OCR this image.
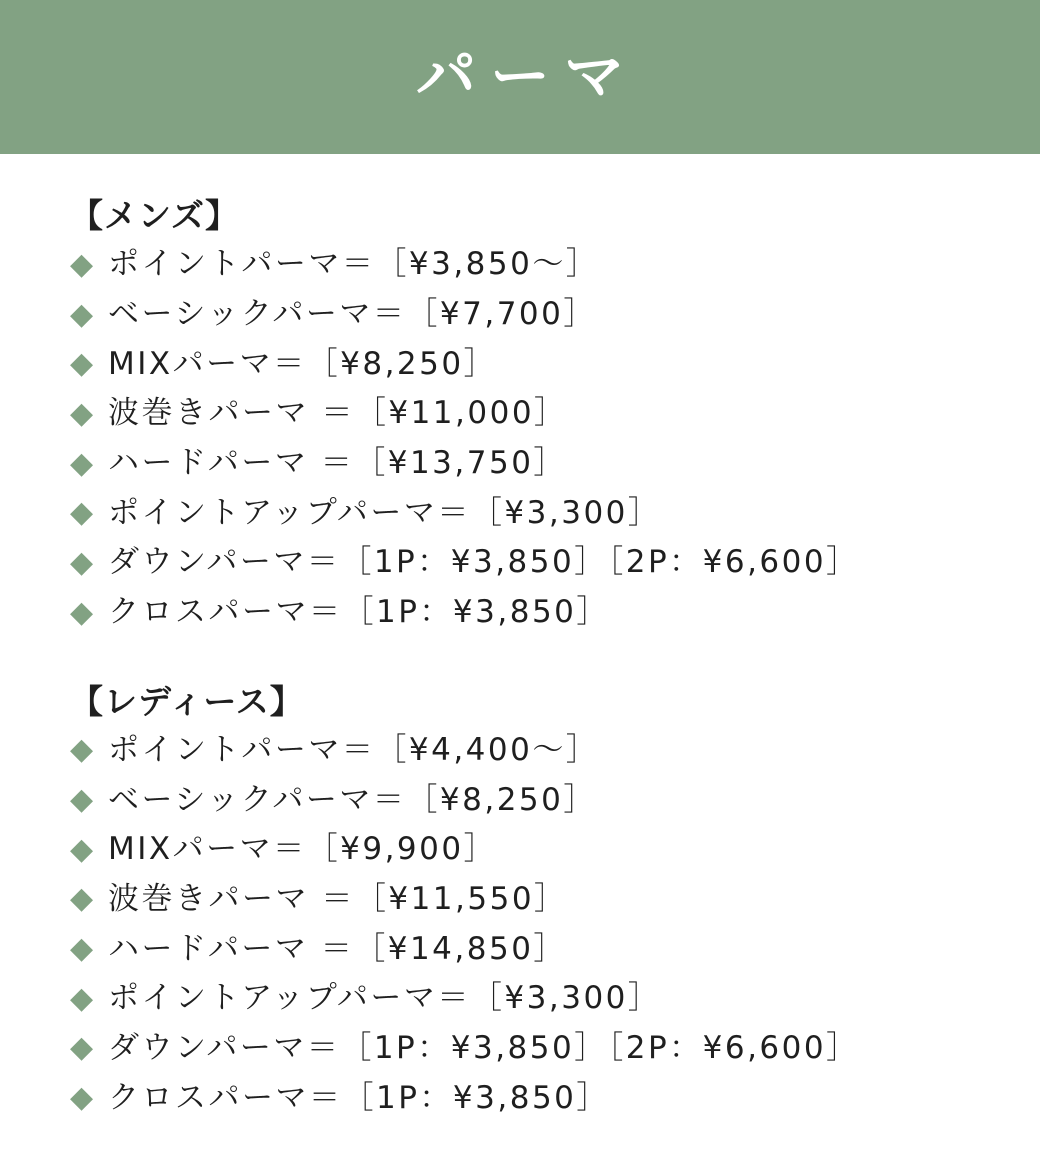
パーマ
【メンズ】
◆ ポイントパーマ＝［¥3,850〜］
◆ ベーシックパーマ＝［¥7,700］
◆ MIXパーマ＝［¥8,250］
◆ 波巻きパーマ ＝［¥11,000］
◆ ハードパーマ ＝［¥13,750］
◆ ポイントアップパーマ＝［¥3,300］
◆ ダウンパーマ＝［1P：¥3,850］［2P：¥6,600］
◆ クロスパーマ＝［1P：¥3,850］
【レディース】
◆ ポイントパーマ＝［¥4,400〜］
◆ ベーシックパーマ＝［¥8,250］
◆ MIXパーマ＝［¥9,900］
◆ 波巻きパーマ ＝［¥11,550］
◆ ハードパーマ ＝［¥14,850］
◆ ポイントアップパーマ＝［¥3,300］
◆ ダウンパーマ＝［1P：¥3,850］［2P：¥6,600］
◆ クロスパーマ＝［1P：¥3,850］
